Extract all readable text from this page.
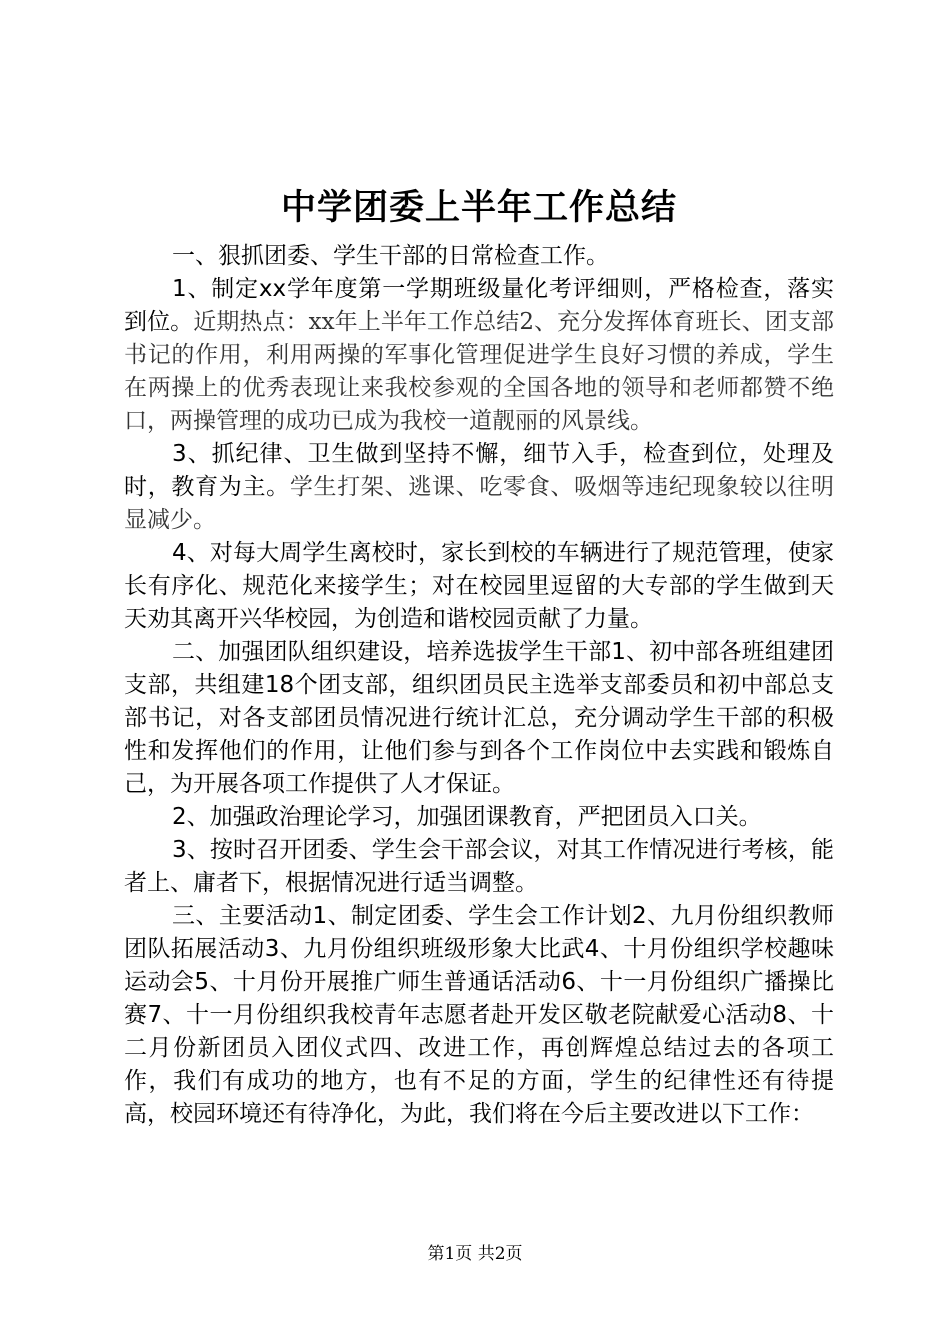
中学团委上半年工作总结

一、狠抓团委、学生干部的日常检查工作。

1、制定xx学年度第一学期班级量化考评细则，严格检查，落实到位。近期热点：xx年上半年工作总结2、充分发挥体育班长、团支部书记的作用，利用两操的军事化管理促进学生良好习惯的养成，学生在两操上的优秀表现让来我校参观的全国各地的领导和老师都赞不绝口，两操管理的成功已成为我校一道靓丽的风景线。

3、抓纪律、卫生做到坚持不懈，细节入手，检查到位，处理及时，教育为主。学生打架、逃课、吃零食、吸烟等违纪现象较以往明显减少。

4、对每大周学生离校时，家长到校的车辆进行了规范管理，使家长有序化、规范化来接学生；对在校园里逗留的大专部的学生做到天天劝其离开兴华校园，为创造和谐校园贡献了力量。

二、加强团队组织建设，培养选拔学生干部1、初中部各班组建团支部，共组建18个团支部，组织团员民主选举支部委员和初中部总支部书记，对各支部团员情况进行统计汇总，充分调动学生干部的积极性和发挥他们的作用，让他们参与到各个工作岗位中去实践和锻炼自己，为开展各项工作提供了人才保证。

2、加强政治理论学习，加强团课教育，严把团员入口关。

3、按时召开团委、学生会干部会议，对其工作情况进行考核，能者上、庸者下，根据情况进行适当调整。

三、主要活动1、制定团委、学生会工作计划2、九月份组织教师团队拓展活动3、九月份组织班级形象大比武4、十月份组织学校趣味运动会5、十月份开展推广师生普通话活动6、十一月份组织广播操比赛7、十一月份组织我校青年志愿者赴开发区敬老院献爱心活动8、十二月份新团员入团仪式四、改进工作，再创辉煌总结过去的各项工作，我们有成功的地方，也有不足的方面，学生的纪律性还有待提高，校园环境还有待净化，为此，我们将在今后主要改进以下工作：

第1页 共2页
